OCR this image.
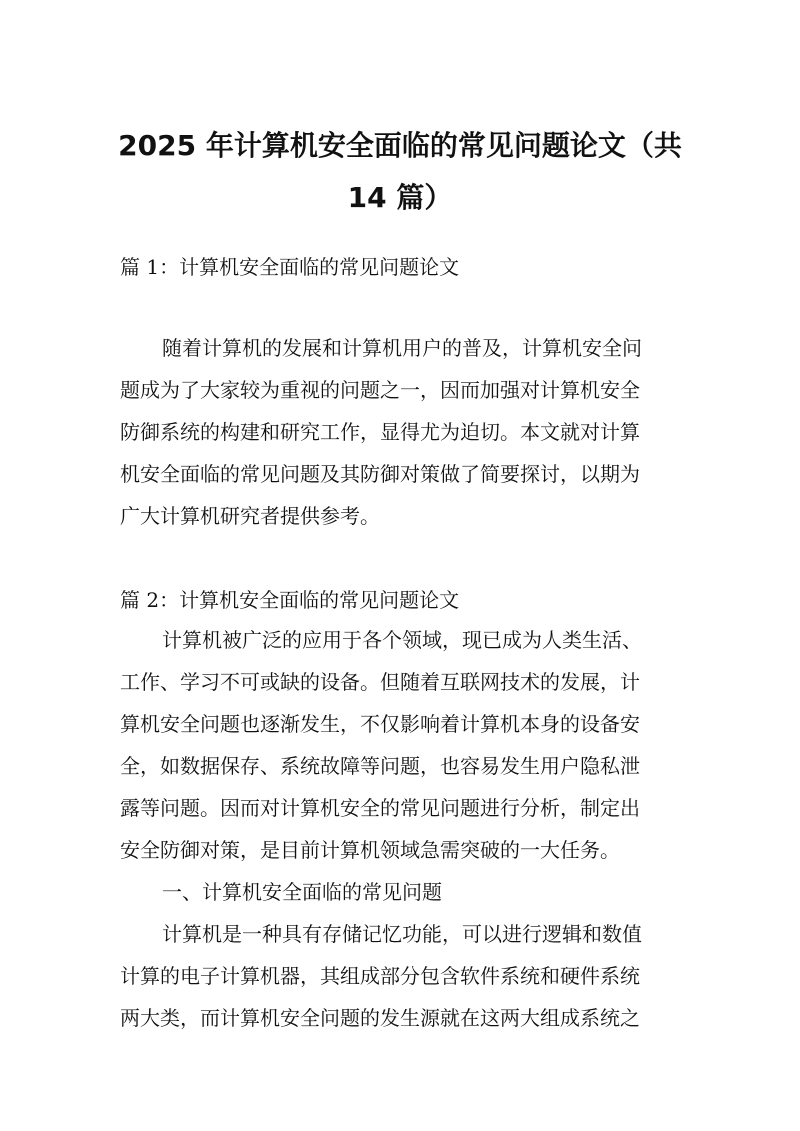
2025 年计算机安全面临的常见问题论文（共
14 篇）

篇 1：计算机安全面临的常见问题论文

随着计算机的发展和计算机用户的普及，计算机安全问
题成为了大家较为重视的问题之一，因而加强对计算机安全
防御系统的构建和研究工作，显得尤为迫切。本文就对计算
机安全面临的常见问题及其防御对策做了简要探讨，以期为
广大计算机研究者提供参考。

篇 2：计算机安全面临的常见问题论文

计算机被广泛的应用于各个领域，现已成为人类生活、
工作、学习不可或缺的设备。但随着互联网技术的发展，计
算机安全问题也逐渐发生，不仅影响着计算机本身的设备安
全，如数据保存、系统故障等问题，也容易发生用户隐私泄
露等问题。因而对计算机安全的常见问题进行分析，制定出
安全防御对策，是目前计算机领域急需突破的一大任务。
一、计算机安全面临的常见问题
计算机是一种具有存储记忆功能，可以进行逻辑和数值
计算的电子计算机器，其组成部分包含软件系统和硬件系统
两大类，而计算机安全问题的发生源就在这两大组成系统之
